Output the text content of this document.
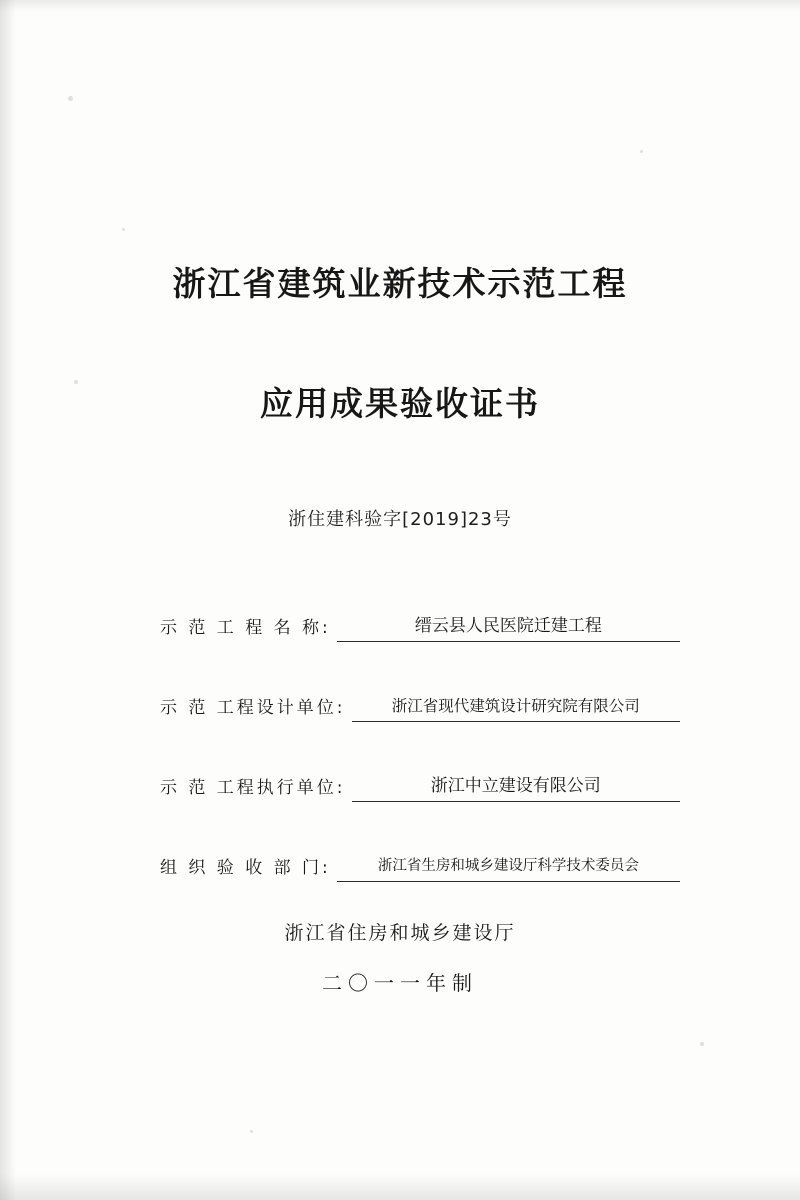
浙江省建筑业新技术示范工程
应用成果验收证书
浙住建科验字[2019]23号
示 范 工 程 名 称:	缙云县人民医院迁建工程
示 范 工程设计单位:	浙江省现代建筑设计研究院有限公司
示 范 工程执行单位:	浙江中立建设有限公司
组 织 验 收 部 门:	浙江省生房和城乡建设厅科学技术委员会
浙江省住房和城乡建设厅
二〇一一年制
